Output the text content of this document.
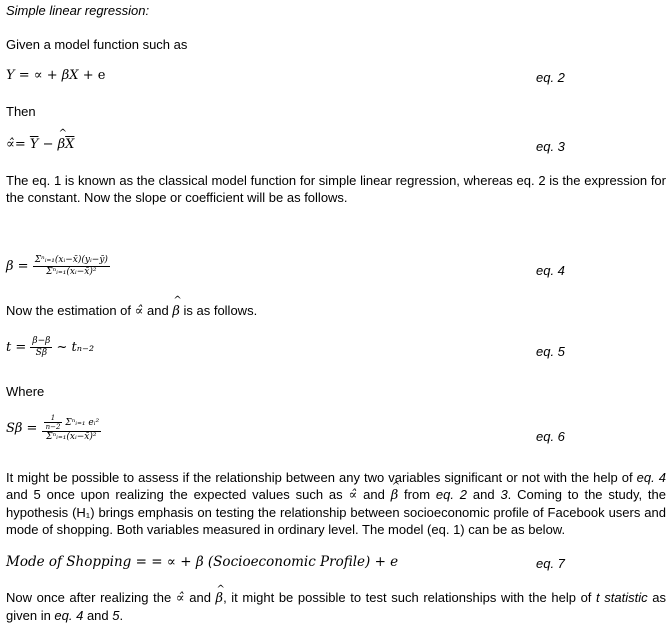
Simple linear regression:
Given a model function such as
Y = ∝ + βX + e	eq. 2
Then
∝̂= $\overline{Y}$ − ^ $\beta\overline{X}$	eq. 3
The eq. 1 is known as the classical model function for simple linear regression, whereas eq. 2 is the expression for the constant. Now the slope or coefficient will be as follows.
$\beta = \frac{\text{Σⁿᵢ₌₁(xᵢ−x̄)(yᵢ−ȳ)}}{\text{Σⁿᵢ₌₁(xᵢ−x̄)²}}$	eq. 4
Now the estimation of ∝̂ and ^ β is as follows.
$t = \frac{\beta-\beta}{S\beta}$ ~ tₙ₋₂	eq. 5
Where
$S\beta = \frac{\frac{1}{n-2} \Sigma^nᵢ_{=1} eᵢ^2}{\text{Σⁿᵢ₌₁(xᵢ−x̄)²}}$	eq. 6
It might be possible to assess if the relationship between any two variables significant or not with the help of eq. 4 and 5 once upon realizing the expected values such as ∝̂ and ^ β from eq. 2 and 3. Coming to the study, the hypothesis (H₁) brings emphasis on testing the relationship between socioeconomic profile of Facebook users and mode of shopping. Both variables measured in ordinary level. The model (eq. 1) can be as below.
Mode of Shopping = = ∝ + β (Socioeconomic Profile) + e	eq. 7
Now once after realizing the ∝̂ and ^ β, it might be possible to test such relationships with the help of t statistic as given in eq. 4 and 5.
